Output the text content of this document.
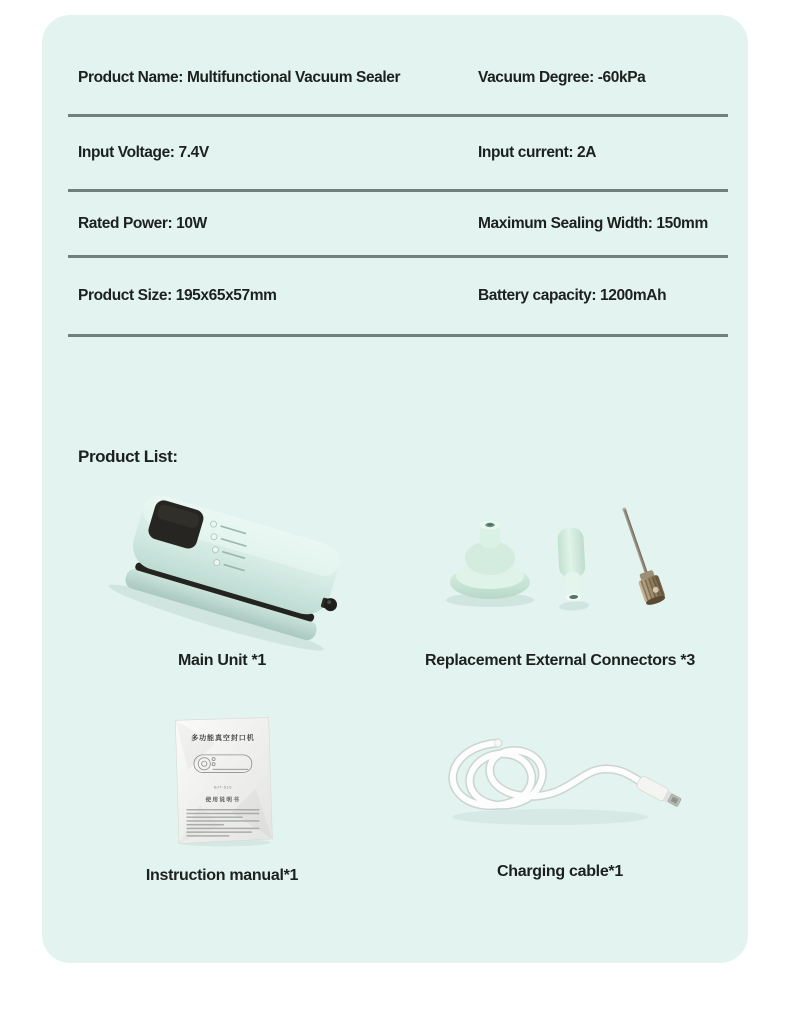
Product Name: Multifunctional Vacuum Sealer	Vacuum Degree: -60kPa
Input Voltage: 7.4V	Input current: 2A
Rated Power: 10W	Maximum Sealing Width: 150mm
Product Size: 195x65x57mm	Battery capacity: 1200mAh
Product List:
Main Unit *1	Replacement External Connectors *3
多功能真空封口机
BJT-616
使用说明书
Instruction manual*1	Charging cable*1
